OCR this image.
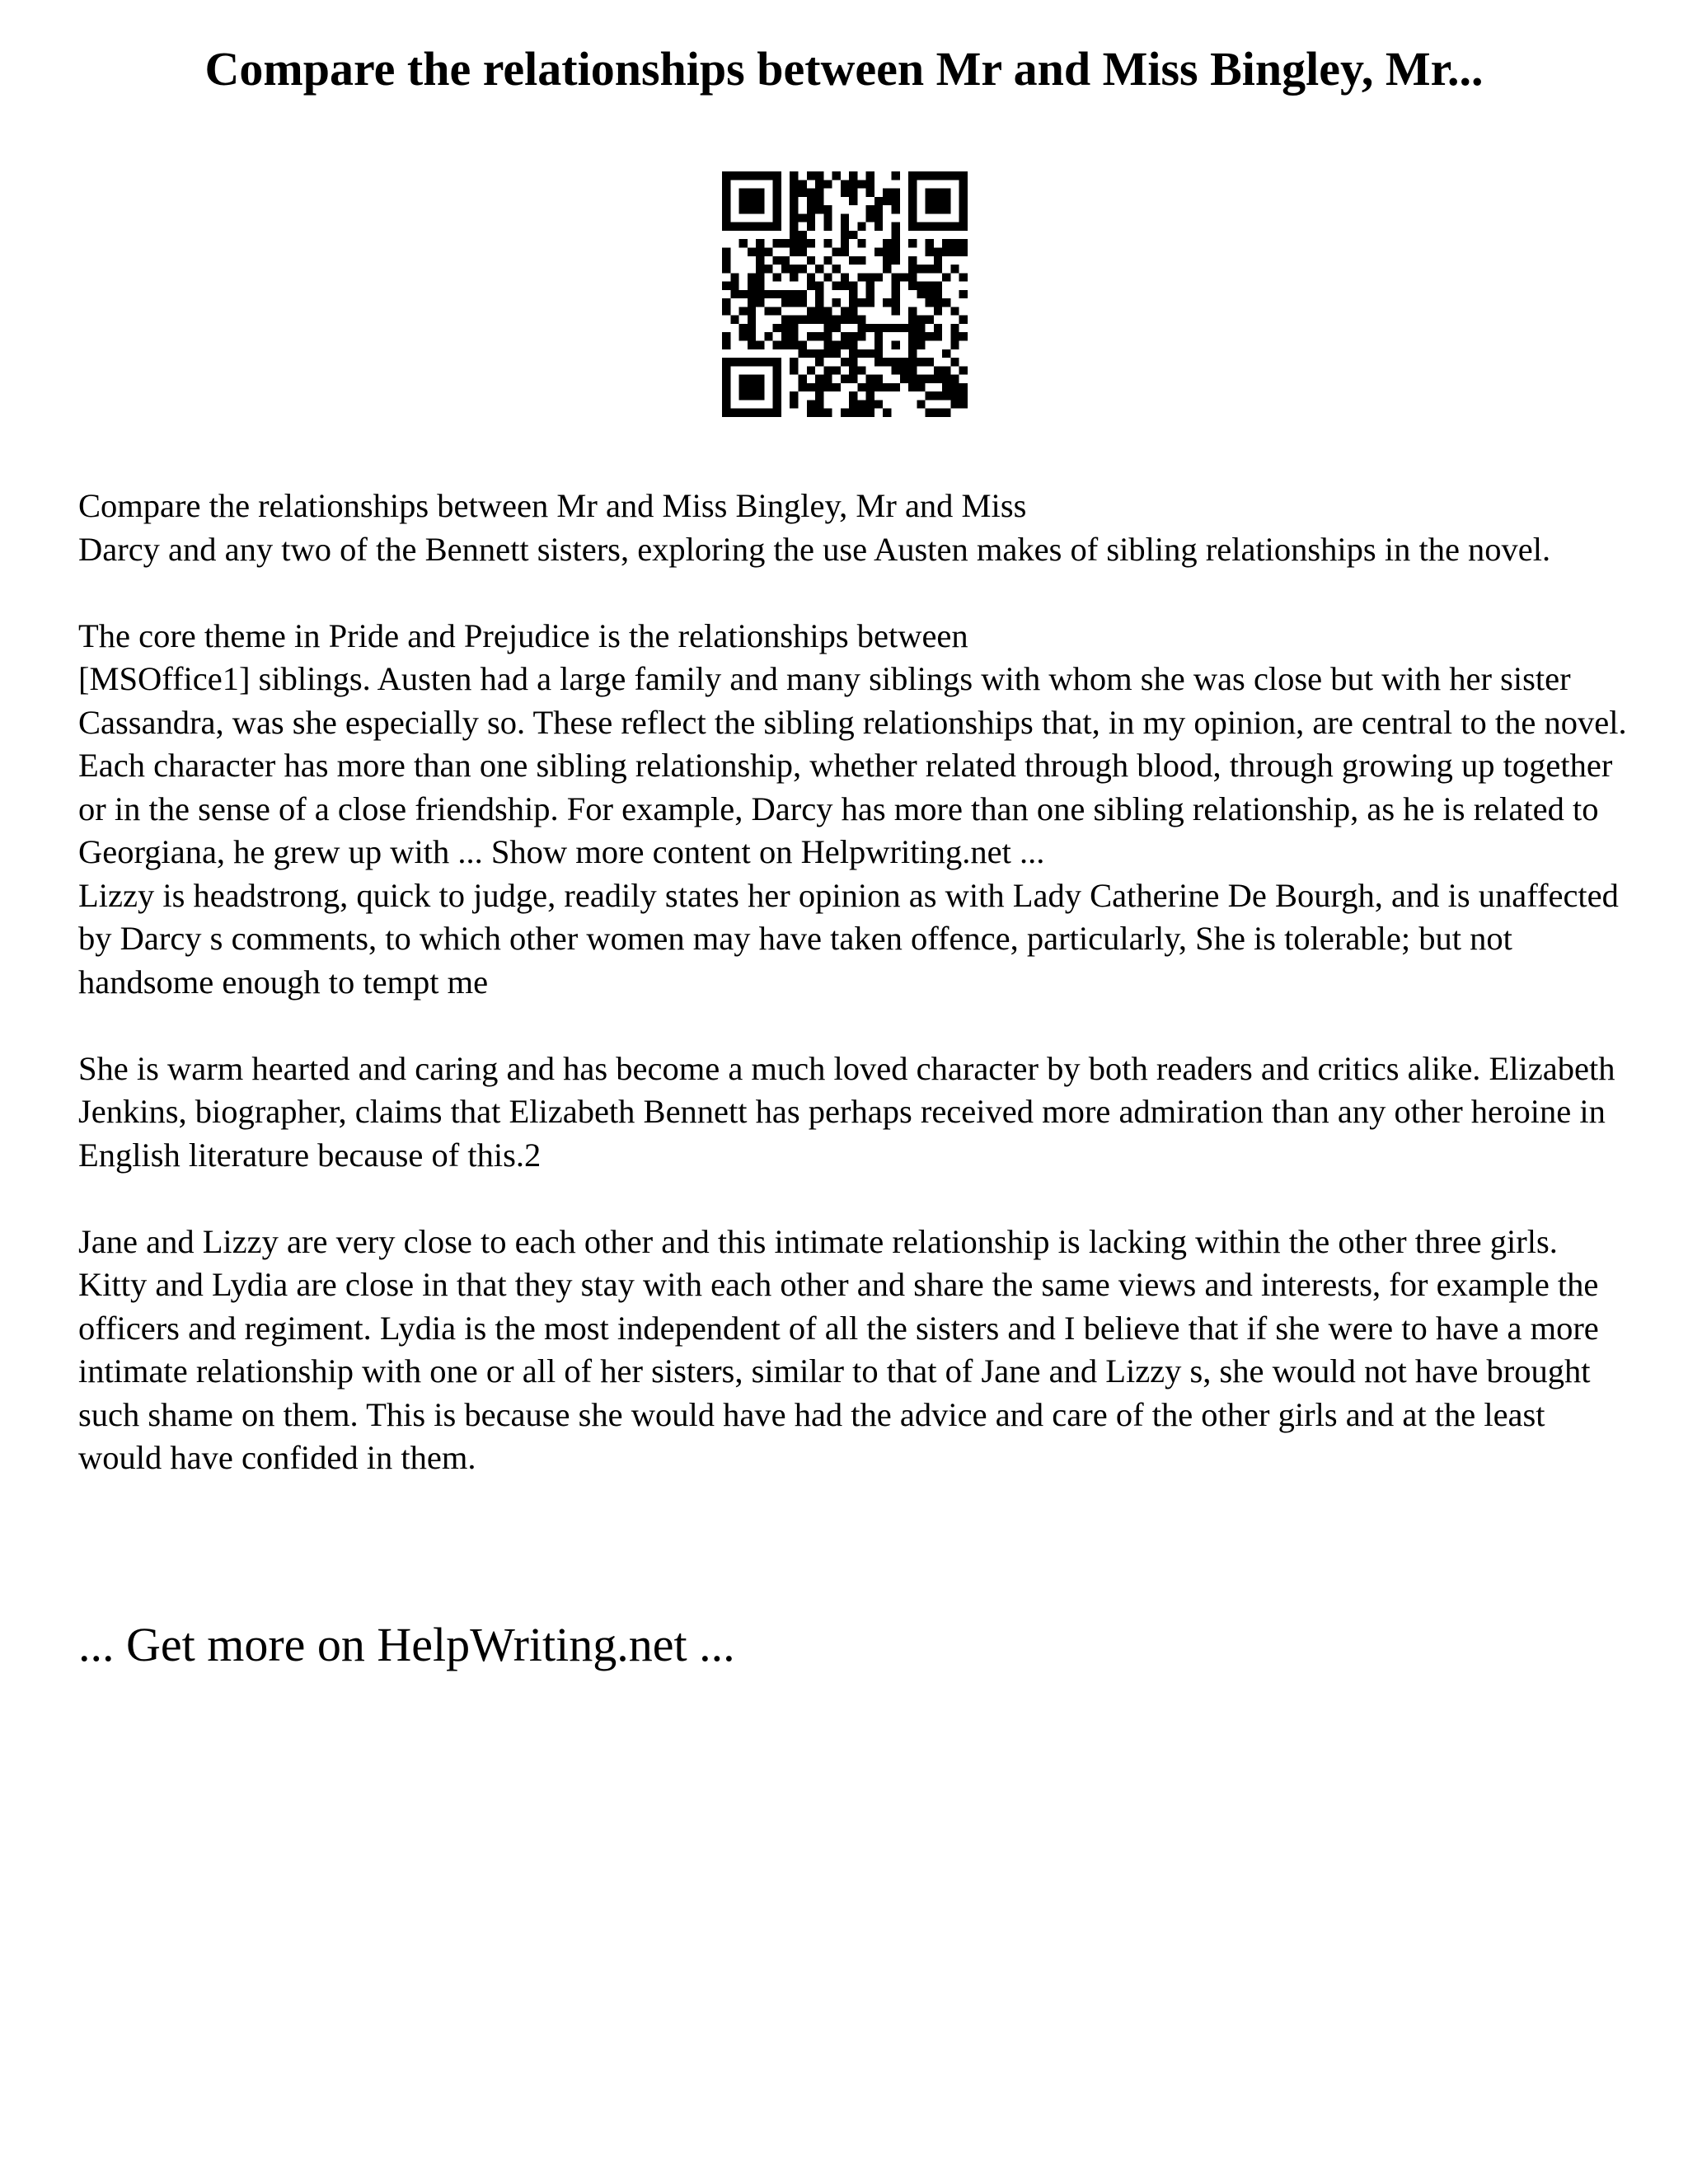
Compare the relationships between Mr and Miss Bingley, Mr...

Compare the relationships between Mr and Miss Bingley, Mr and Miss
Darcy and any two of the Bennett sisters, exploring the use Austen makes of sibling relationships in the novel.

The core theme in Pride and Prejudice is the relationships between
[MSOffice1] siblings. Austen had a large family and many siblings with whom she was close but with her sister Cassandra, was she especially so. These reflect the sibling relationships that, in my opinion, are central to the novel. Each character has more than one sibling relationship, whether related through blood, through growing up together or in the sense of a close friendship. For example, Darcy has more than one sibling relationship, as he is related to Georgiana, he grew up with ... Show more content on Helpwriting.net ...

Lizzy is headstrong, quick to judge, readily states her opinion as with Lady Catherine De Bourgh, and is unaffected by Darcy s comments, to which other women may have taken offence, particularly, She is tolerable; but not handsome enough to tempt me

She is warm hearted and caring and has become a much loved character by both readers and critics alike. Elizabeth Jenkins, biographer, claims that Elizabeth Bennett has perhaps received more admiration than any other heroine in English literature because of this.2

Jane and Lizzy are very close to each other and this intimate relationship is lacking within the other three girls. Kitty and Lydia are close in that they stay with each other and share the same views and interests, for example the officers and regiment. Lydia is the most independent of all the sisters and I believe that if she were to have a more intimate relationship with one or all of her sisters, similar to that of Jane and Lizzy s, she would not have brought such shame on them. This is because she would have had the advice and care of the other girls and at the least would have confided in them.

... Get more on HelpWriting.net ...
